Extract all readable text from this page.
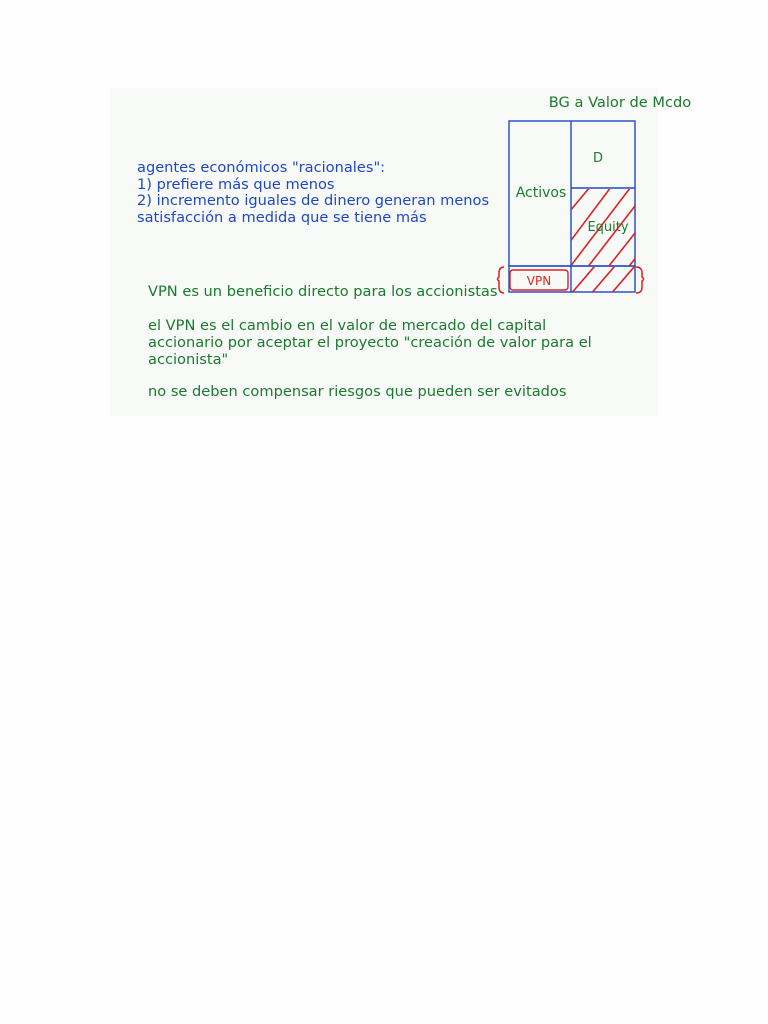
agentes económicos "racionales":
1) prefiere más que menos
2) incremento iguales de dinero generan menos
satisfacción a medida que se tiene más
BG a Valor de Mcdo
Activos
D
Equity
VPN
VPN es un beneficio directo para los accionistas
el VPN es el cambio en el valor de mercado del capital
accionario por aceptar el proyecto "creación de valor para el
accionista"
no se deben compensar riesgos que pueden ser evitados
